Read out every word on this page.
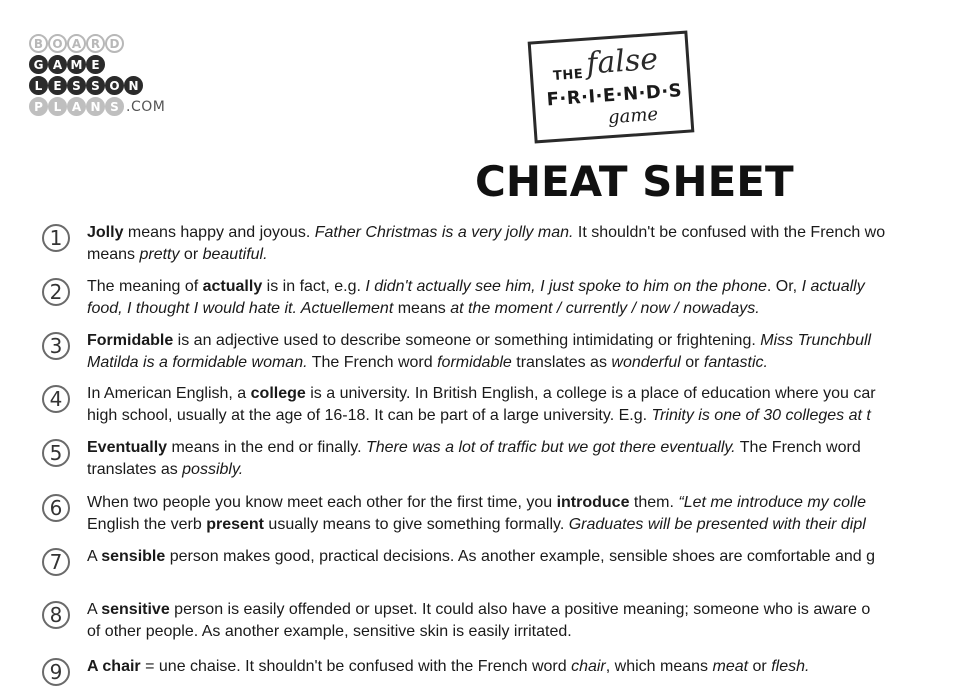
B O A R D
G A M E
L E S S O N
P L A N S .COM
THE false
F·R·I·E·N·D·S
game
CHEAT SHEET
1	Jolly means happy and joyous. Father Christmas is a very jolly man. It shouldn't be confused with the French wo
means pretty or beautiful.
2	The meaning of actually is in fact, e.g. I didn't actually see him, I just spoke to him on the phone. Or, I actually
food, I thought I would hate it. Actuellement means at the moment / currently / now / nowadays.
3	Formidable is an adjective used to describe someone or something intimidating or frightening. Miss Trunchbull
Matilda is a formidable woman. The French word formidable translates as wonderful or fantastic.
4	In American English, a college is a university. In British English, a college is a place of education where you car
high school, usually at the age of 16-18. It can be part of a large university. E.g. Trinity is one of 30 colleges at t
5	Eventually means in the end or finally. There was a lot of traffic but we got there eventually. The French word
translates as possibly.
6	When two people you know meet each other for the first time, you introduce them. “Let me introduce my colle
English the verb present usually means to give something formally. Graduates will be presented with their dipl
7	A sensible person makes good, practical decisions. As another example, sensible shoes are comfortable and g
8	A sensitive person is easily offended or upset. It could also have a positive meaning; someone who is aware o
of other people. As another example, sensitive skin is easily irritated.
9	A chair = une chaise. It shouldn't be confused with the French word chair, which means meat or flesh.
